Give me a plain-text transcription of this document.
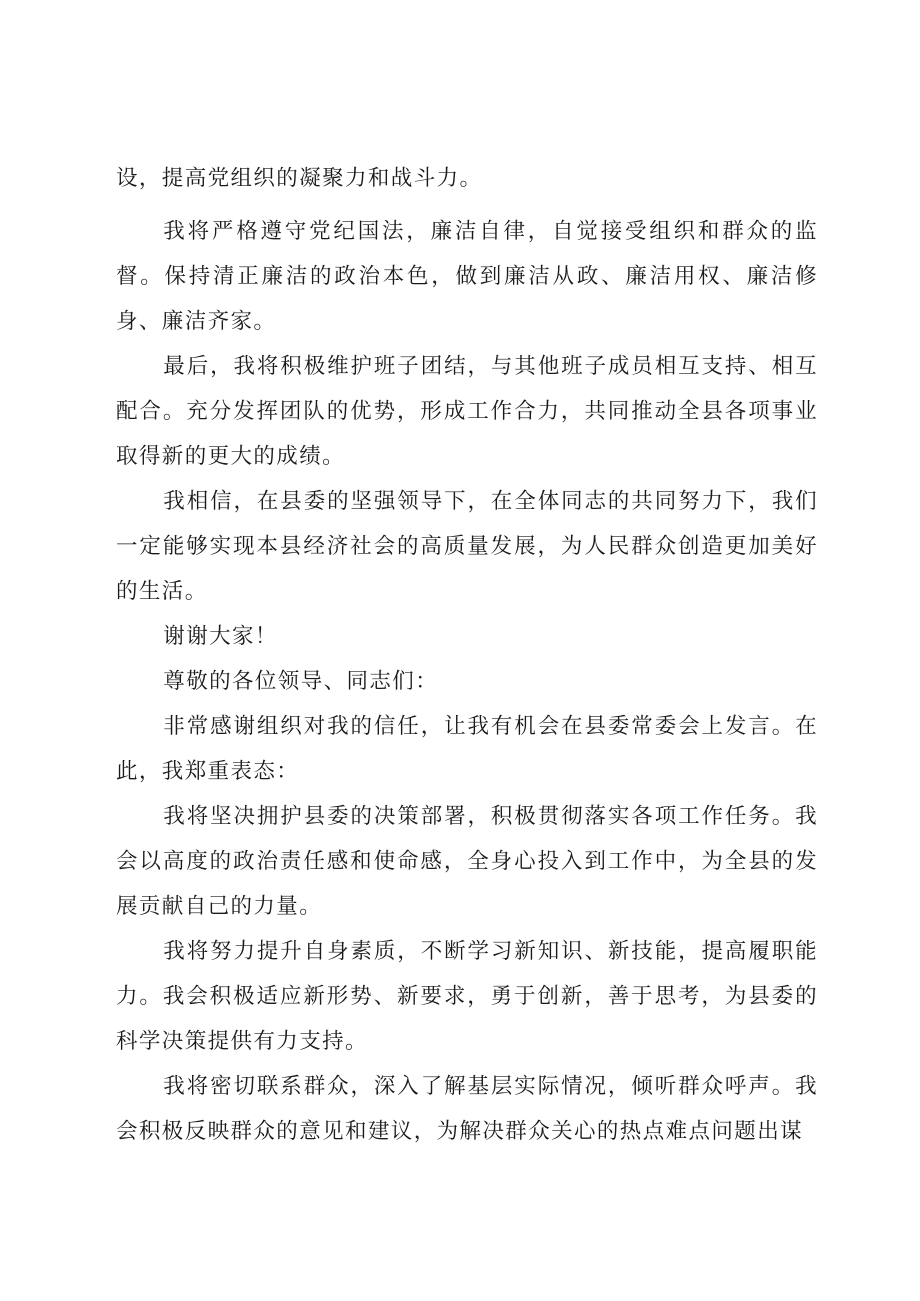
设，提高党组织的凝聚力和战斗力。

我将严格遵守党纪国法，廉洁自律，自觉接受组织和群众的监督。保持清正廉洁的政治本色，做到廉洁从政、廉洁用权、廉洁修身、廉洁齐家。

最后，我将积极维护班子团结，与其他班子成员相互支持、相互配合。充分发挥团队的优势，形成工作合力，共同推动全县各项事业取得新的更大的成绩。

我相信，在县委的坚强领导下，在全体同志的共同努力下，我们一定能够实现本县经济社会的高质量发展，为人民群众创造更加美好的生活。

谢谢大家！

尊敬的各位领导、同志们：

非常感谢组织对我的信任，让我有机会在县委常委会上发言。在此，我郑重表态：

我将坚决拥护县委的决策部署，积极贯彻落实各项工作任务。我会以高度的政治责任感和使命感，全身心投入到工作中，为全县的发展贡献自己的力量。

我将努力提升自身素质，不断学习新知识、新技能，提高履职能力。我会积极适应新形势、新要求，勇于创新，善于思考，为县委的科学决策提供有力支持。

我将密切联系群众，深入了解基层实际情况，倾听群众呼声。我会积极反映群众的意见和建议，为解决群众关心的热点难点问题出谋
